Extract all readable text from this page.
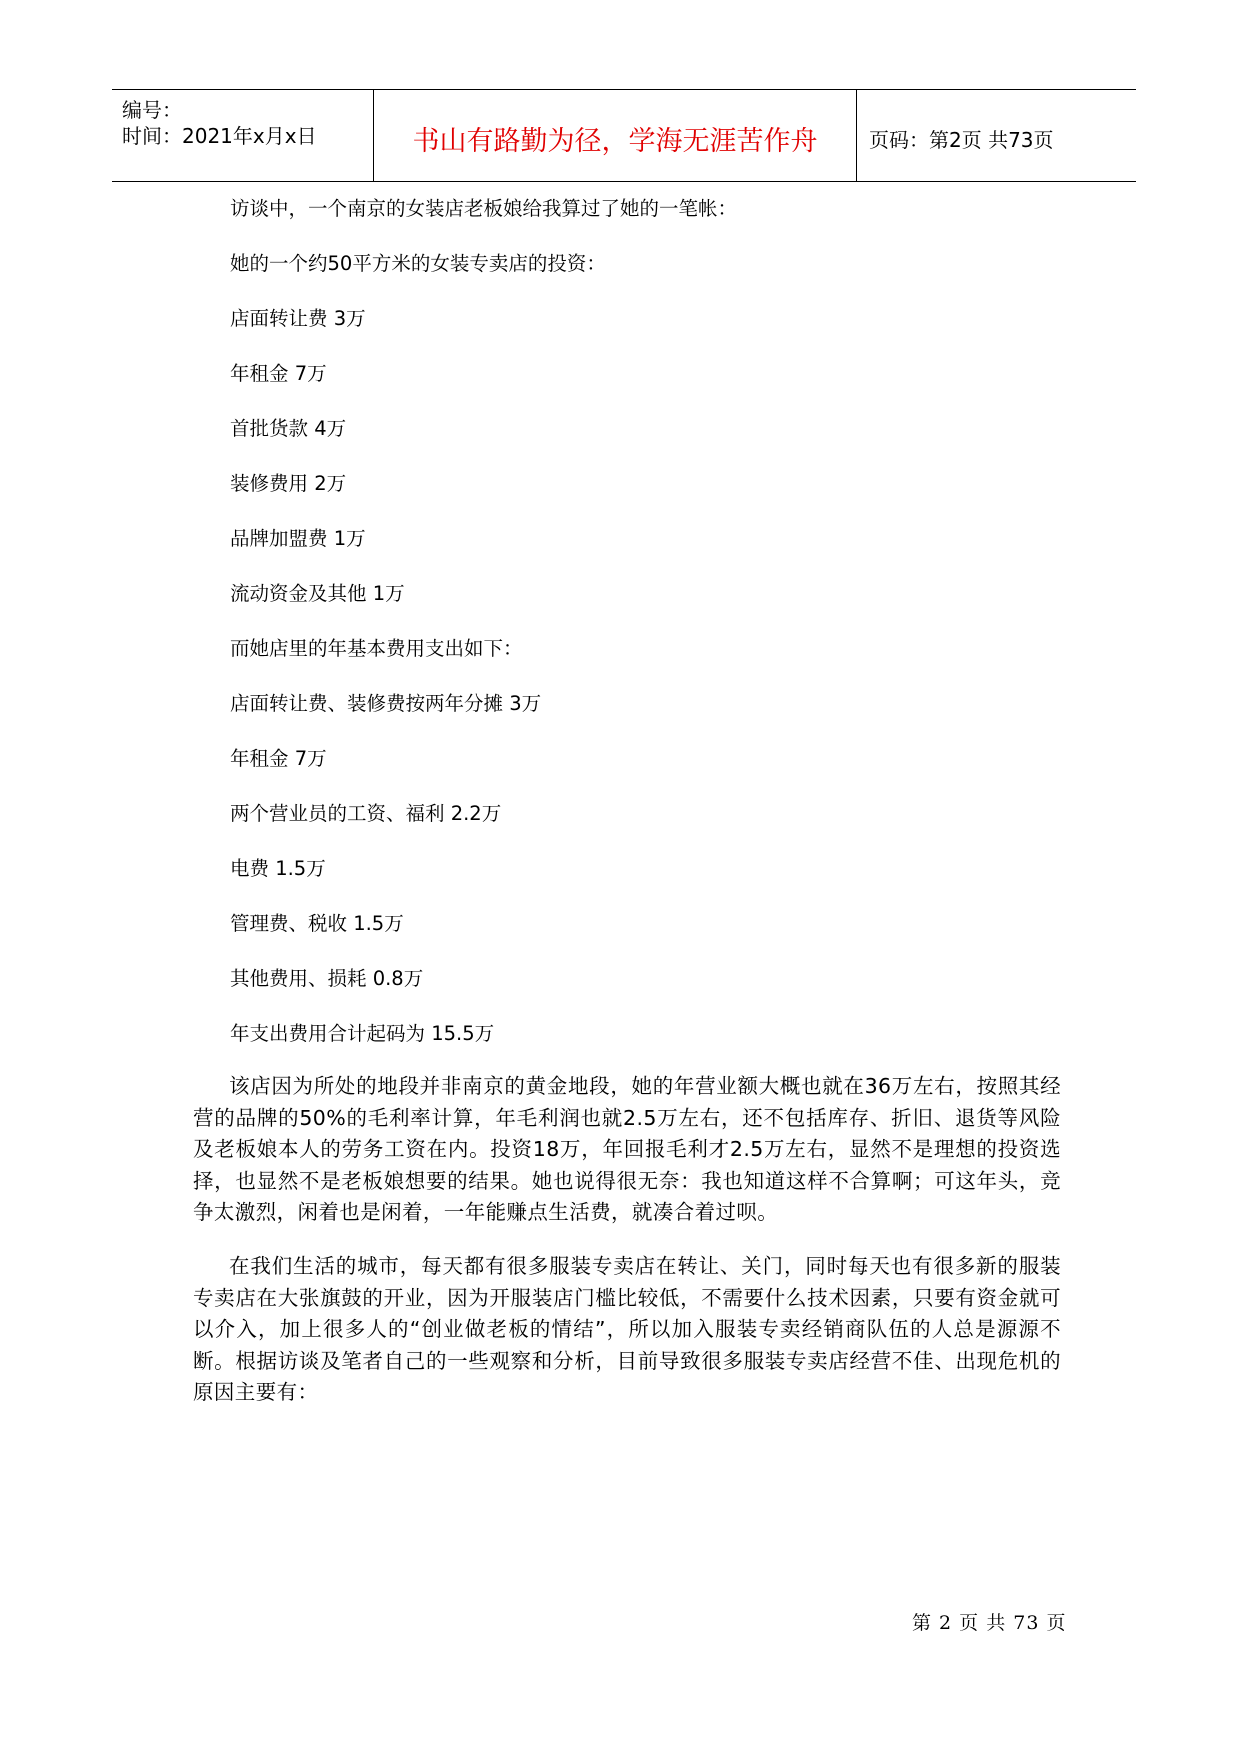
编号：
时间：2021年x月x日	书山有路勤为径，学海无涯苦作舟	页码：第2页 共73页
访谈中，一个南京的女装店老板娘给我算过了她的一笔帐：
她的一个约50平方米的女装专卖店的投资：
店面转让费 3万
年租金 7万
首批货款 4万
装修费用 2万
品牌加盟费 1万
流动资金及其他 1万
而她店里的年基本费用支出如下：
店面转让费、装修费按两年分摊 3万
年租金 7万
两个营业员的工资、福利 2.2万
电费 1.5万
管理费、税收 1.5万
其他费用、损耗 0.8万
年支出费用合计起码为 15.5万
该店因为所处的地段并非南京的黄金地段，她的年营业额大概也就在36万左右，按照其经营的品牌的50%的毛利率计算，年毛利润也就2.5万左右，还不包括库存、折旧、退货等风险及老板娘本人的劳务工资在内。投资18万，年回报毛利才2.5万左右，显然不是理想的投资选择，也显然不是老板娘想要的结果。她也说得很无奈：我也知道这样不合算啊；可这年头，竞争太激烈，闲着也是闲着，一年能赚点生活费，就凑合着过呗。
在我们生活的城市，每天都有很多服装专卖店在转让、关门，同时每天也有很多新的服装专卖店在大张旗鼓的开业，因为开服装店门槛比较低，不需要什么技术因素，只要有资金就可以介入，加上很多人的“创业做老板的情结”，所以加入服装专卖经销商队伍的人总是源源不断。根据访谈及笔者自己的一些观察和分析，目前导致很多服装专卖店经营不佳、出现危机的原因主要有：
第 2 页 共 73 页
